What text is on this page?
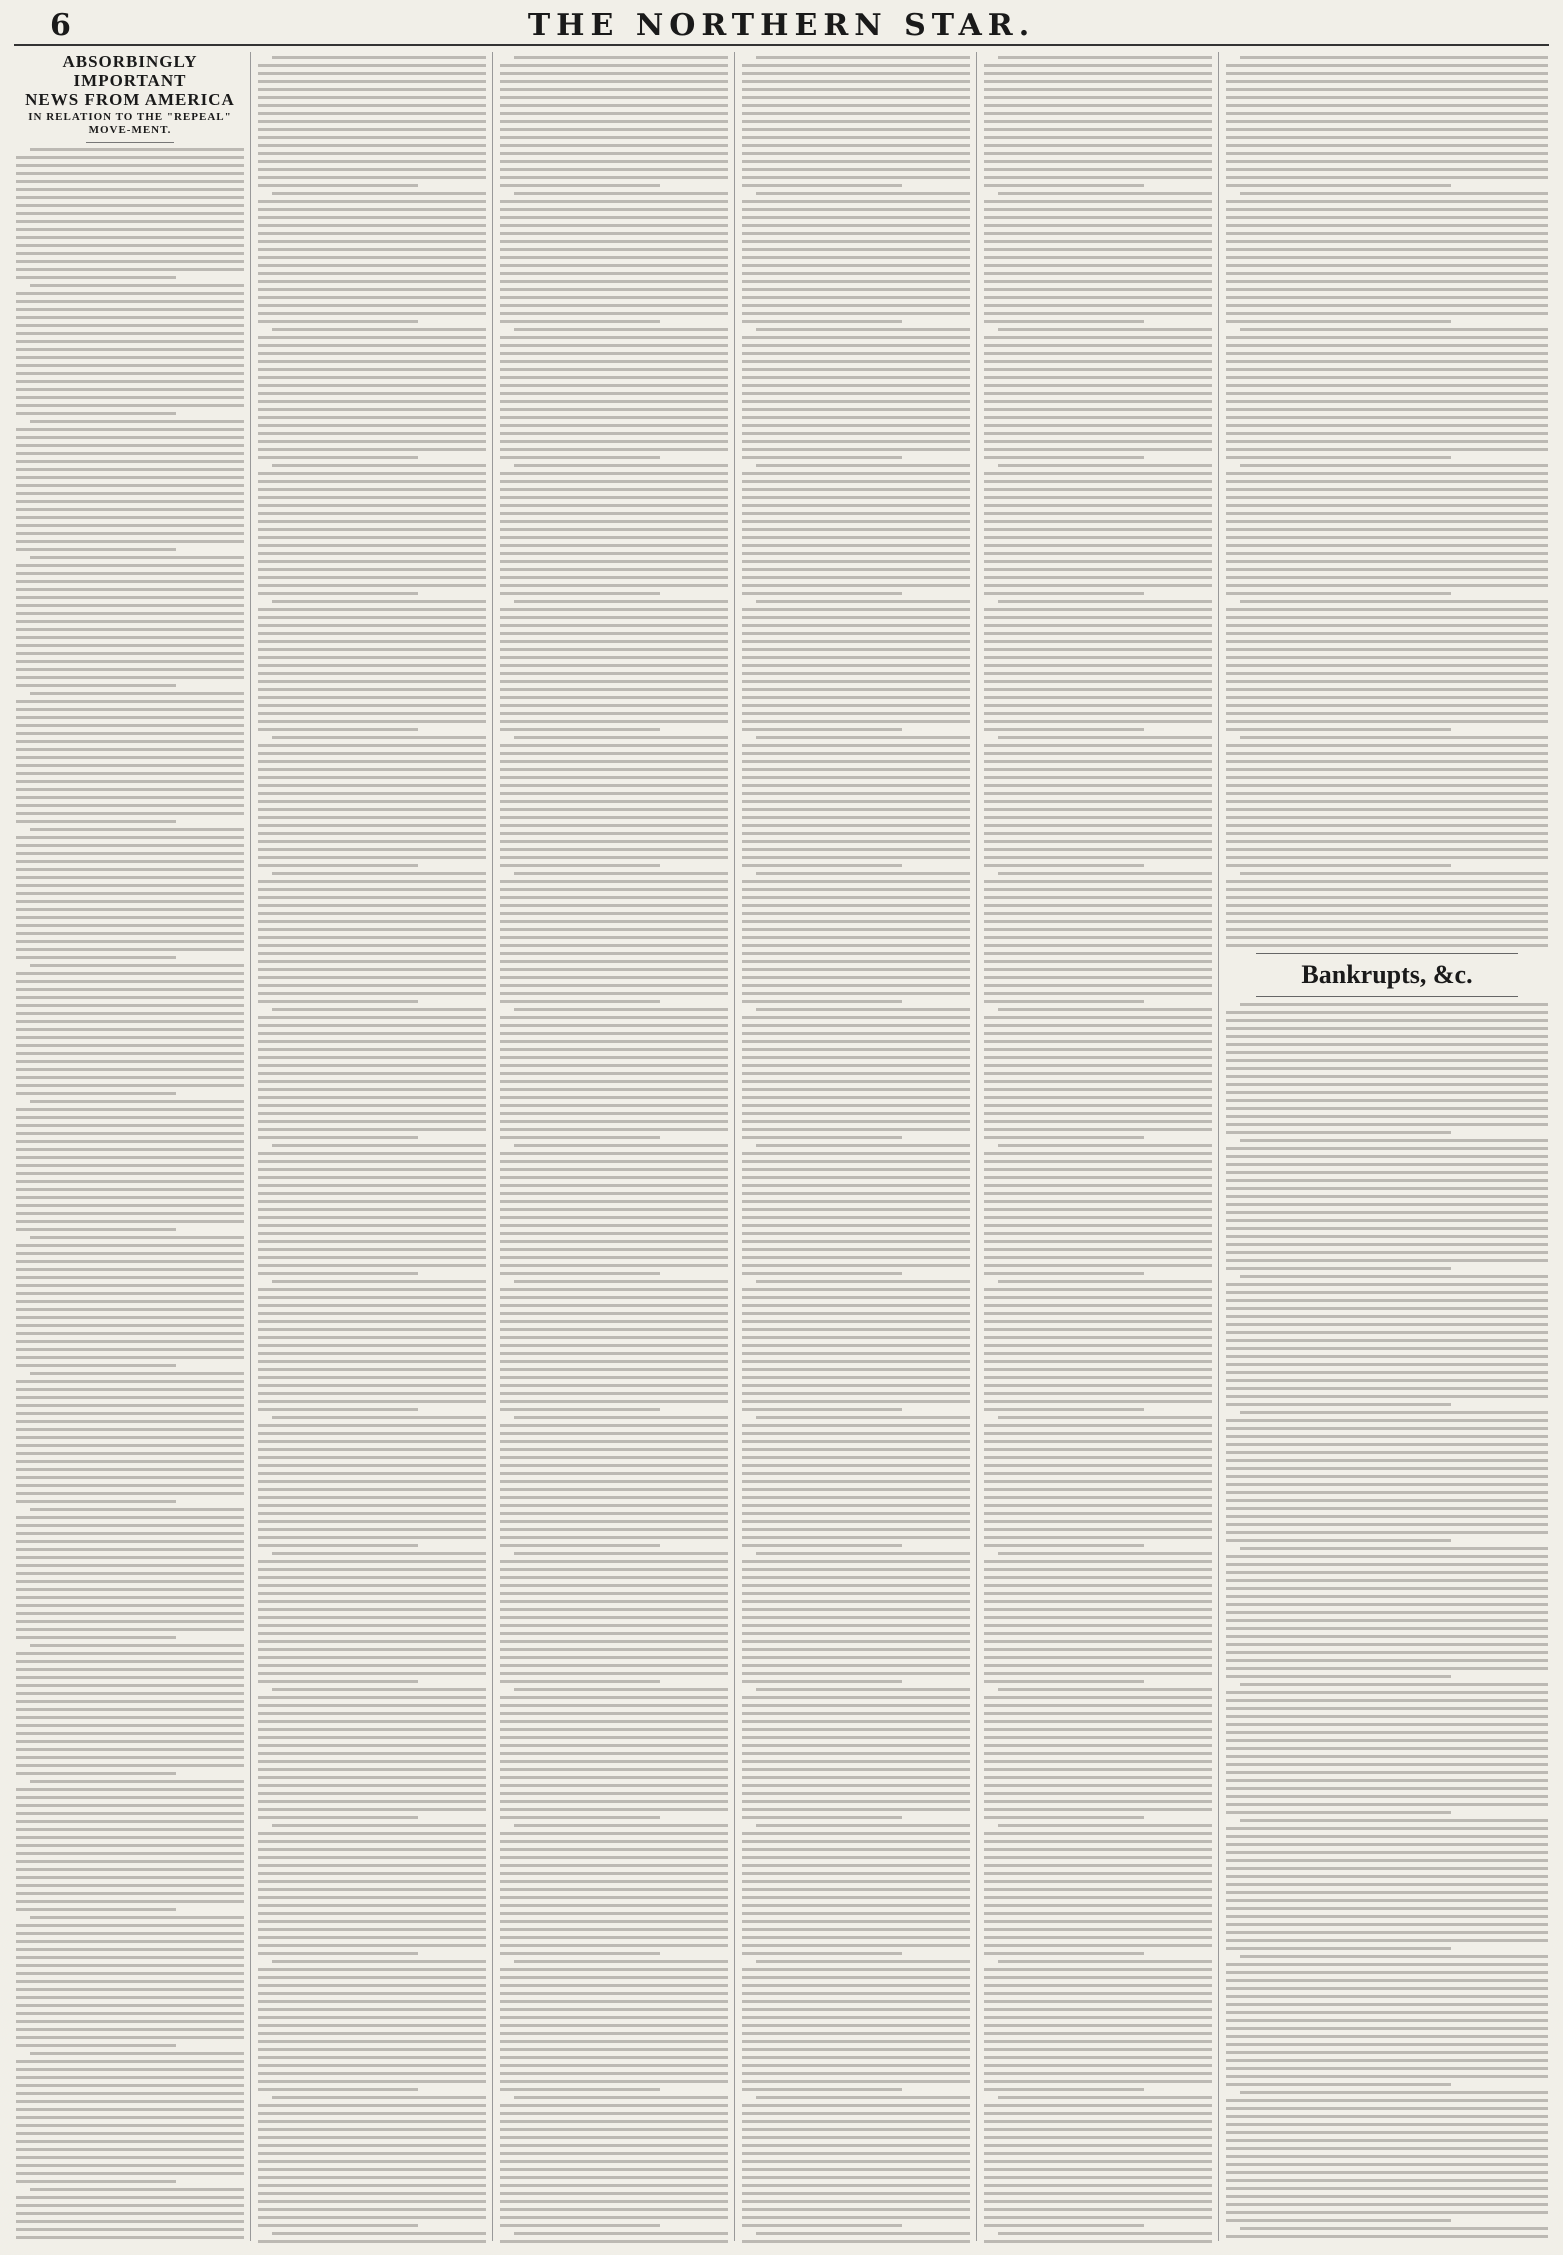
6	THE NORTHERN STAR.
ABSORBINGLY IMPORTANT
NEWS FROM AMERICA
IN RELATION TO THE "REPEAL" MOVE-MENT.
Bankrupts, &c.
